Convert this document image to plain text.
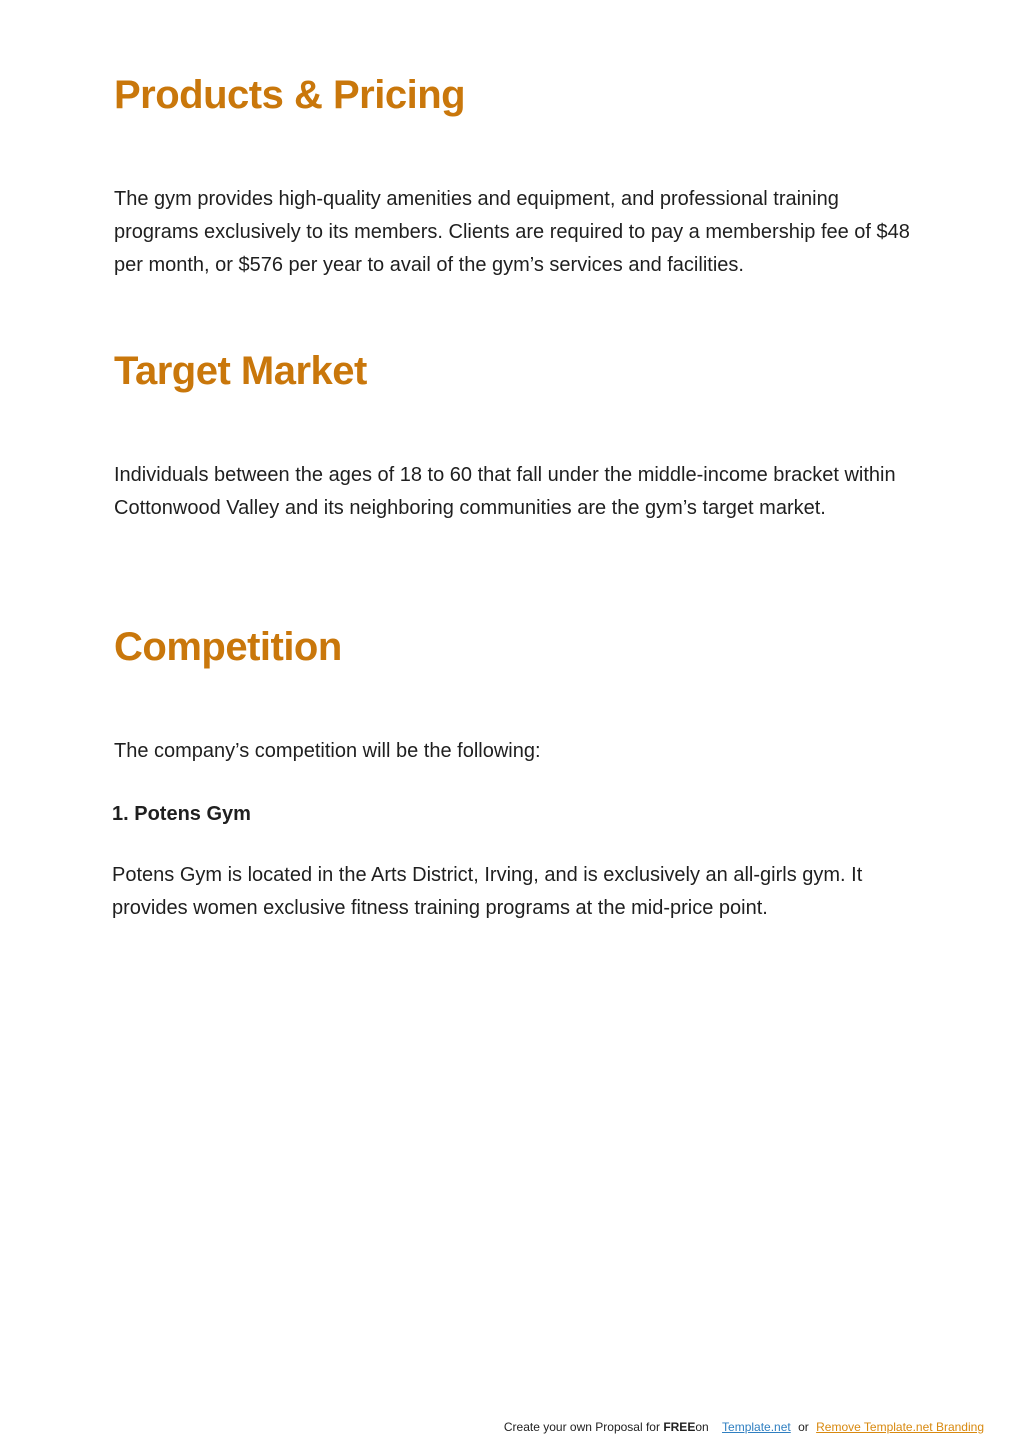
Products & Pricing

The gym provides high-quality amenities and equipment, and professional training programs exclusively to its members. Clients are required to pay a membership fee of $48 per month, or $576 per year to avail of the gym’s services and facilities.

Target Market

Individuals between the ages of 18 to 60 that fall under the middle-income bracket within Cottonwood Valley and its neighboring communities are the gym’s target market.

Competition

The company’s competition will be the following:

1. Potens Gym

Potens Gym is located in the Arts District, Irving, and is exclusively an all-girls gym. It provides women exclusive fitness training programs at the mid-price point.

Create your own Proposal for FREEon Template.net or Remove Template.net Branding
